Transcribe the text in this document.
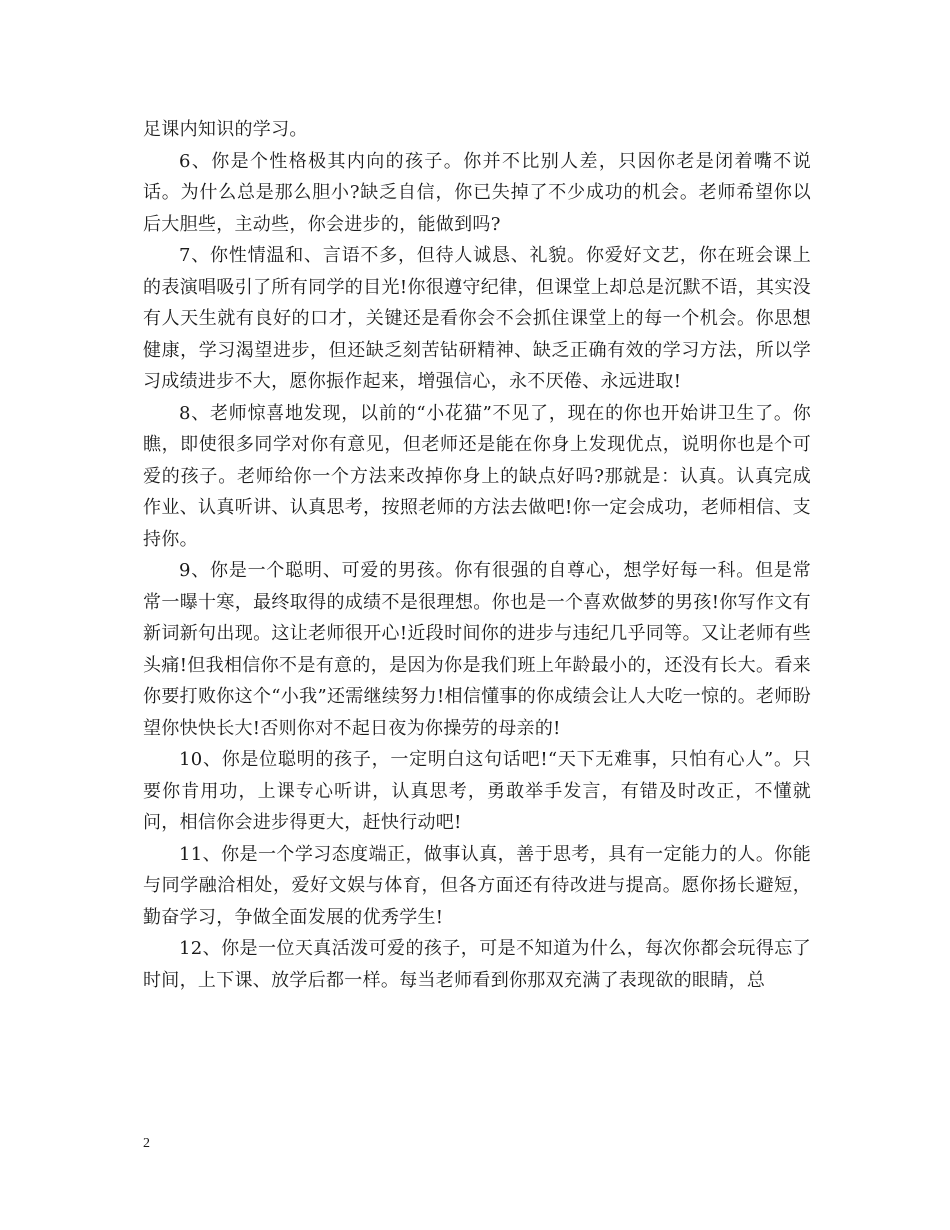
足课内知识的学习。

6、你是个性格极其内向的孩子。你并不比别人差，只因你老是闭着嘴不说话。为什么总是那么胆小?缺乏自信，你已失掉了不少成功的机会。老师希望你以后大胆些，主动些，你会进步的，能做到吗?

7、你性情温和、言语不多，但待人诚恳、礼貌。你爱好文艺，你在班会课上的表演唱吸引了所有同学的目光!你很遵守纪律，但课堂上却总是沉默不语，其实没有人天生就有良好的口才，关键还是看你会不会抓住课堂上的每一个机会。你思想健康，学习渴望进步，但还缺乏刻苦钻研精神、缺乏正确有效的学习方法，所以学习成绩进步不大，愿你振作起来，增强信心，永不厌倦、永远进取!

8、老师惊喜地发现，以前的“小花猫”不见了，现在的你也开始讲卫生了。你瞧，即使很多同学对你有意见，但老师还是能在你身上发现优点，说明你也是个可爱的孩子。老师给你一个方法来改掉你身上的缺点好吗?那就是：认真。认真完成作业、认真听讲、认真思考，按照老师的方法去做吧!你一定会成功，老师相信、支持你。

9、你是一个聪明、可爱的男孩。你有很强的自尊心，想学好每一科。但是常常一曝十寒，最终取得的成绩不是很理想。你也是一个喜欢做梦的男孩!你写作文有新词新句出现。这让老师很开心!近段时间你的进步与违纪几乎同等。又让老师有些头痛!但我相信你不是有意的，是因为你是我们班上年龄最小的，还没有长大。看来你要打败你这个“小我”还需继续努力!相信懂事的你成绩会让人大吃一惊的。老师盼望你快快长大!否则你对不起日夜为你操劳的母亲的!

10、你是位聪明的孩子，一定明白这句话吧!“天下无难事，只怕有心人”。只要你肯用功，上课专心听讲，认真思考，勇敢举手发言，有错及时改正，不懂就问，相信你会进步得更大，赶快行动吧!

11、你是一个学习态度端正，做事认真，善于思考，具有一定能力的人。你能与同学融洽相处，爱好文娱与体育，但各方面还有待改进与提高。愿你扬长避短，勤奋学习，争做全面发展的优秀学生!

12、你是一位天真活泼可爱的孩子，可是不知道为什么，每次你都会玩得忘了时间，上下课、放学后都一样。每当老师看到你那双充满了表现欲的眼睛，总

2
